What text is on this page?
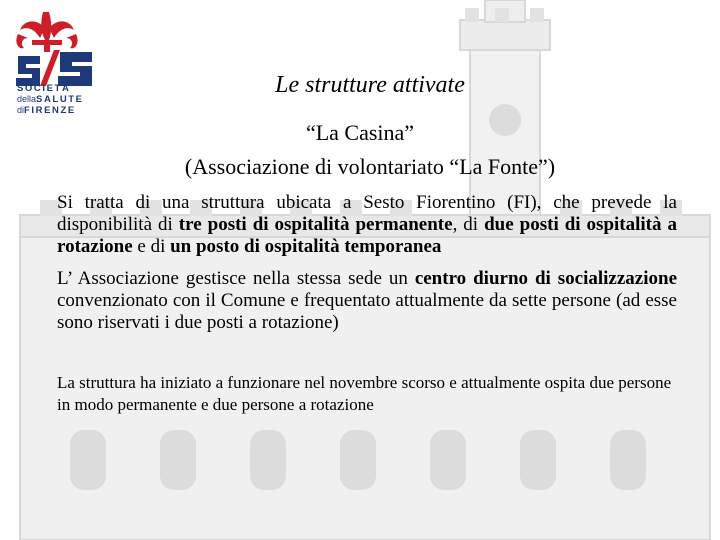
SOCIETÀ
dellaSALUTE
diFIRENZE
Le strutture attivate
“La Casina”
(Associazione di volontariato “La Fonte”)
Si tratta di una struttura ubicata a Sesto Fiorentino (FI), che prevede la disponibilità di tre posti di ospitalità permanente, di due posti di ospitalità a rotazione e di un posto di ospitalità temporanea
L’ Associazione gestisce nella stessa sede un centro diurno di socializzazione convenzionato con il Comune e frequentato attualmente da sette persone (ad esse sono riservati i due posti a rotazione)
La struttura ha iniziato a funzionare nel novembre scorso e attualmente ospita due persone in modo permanente e due persone a rotazione
